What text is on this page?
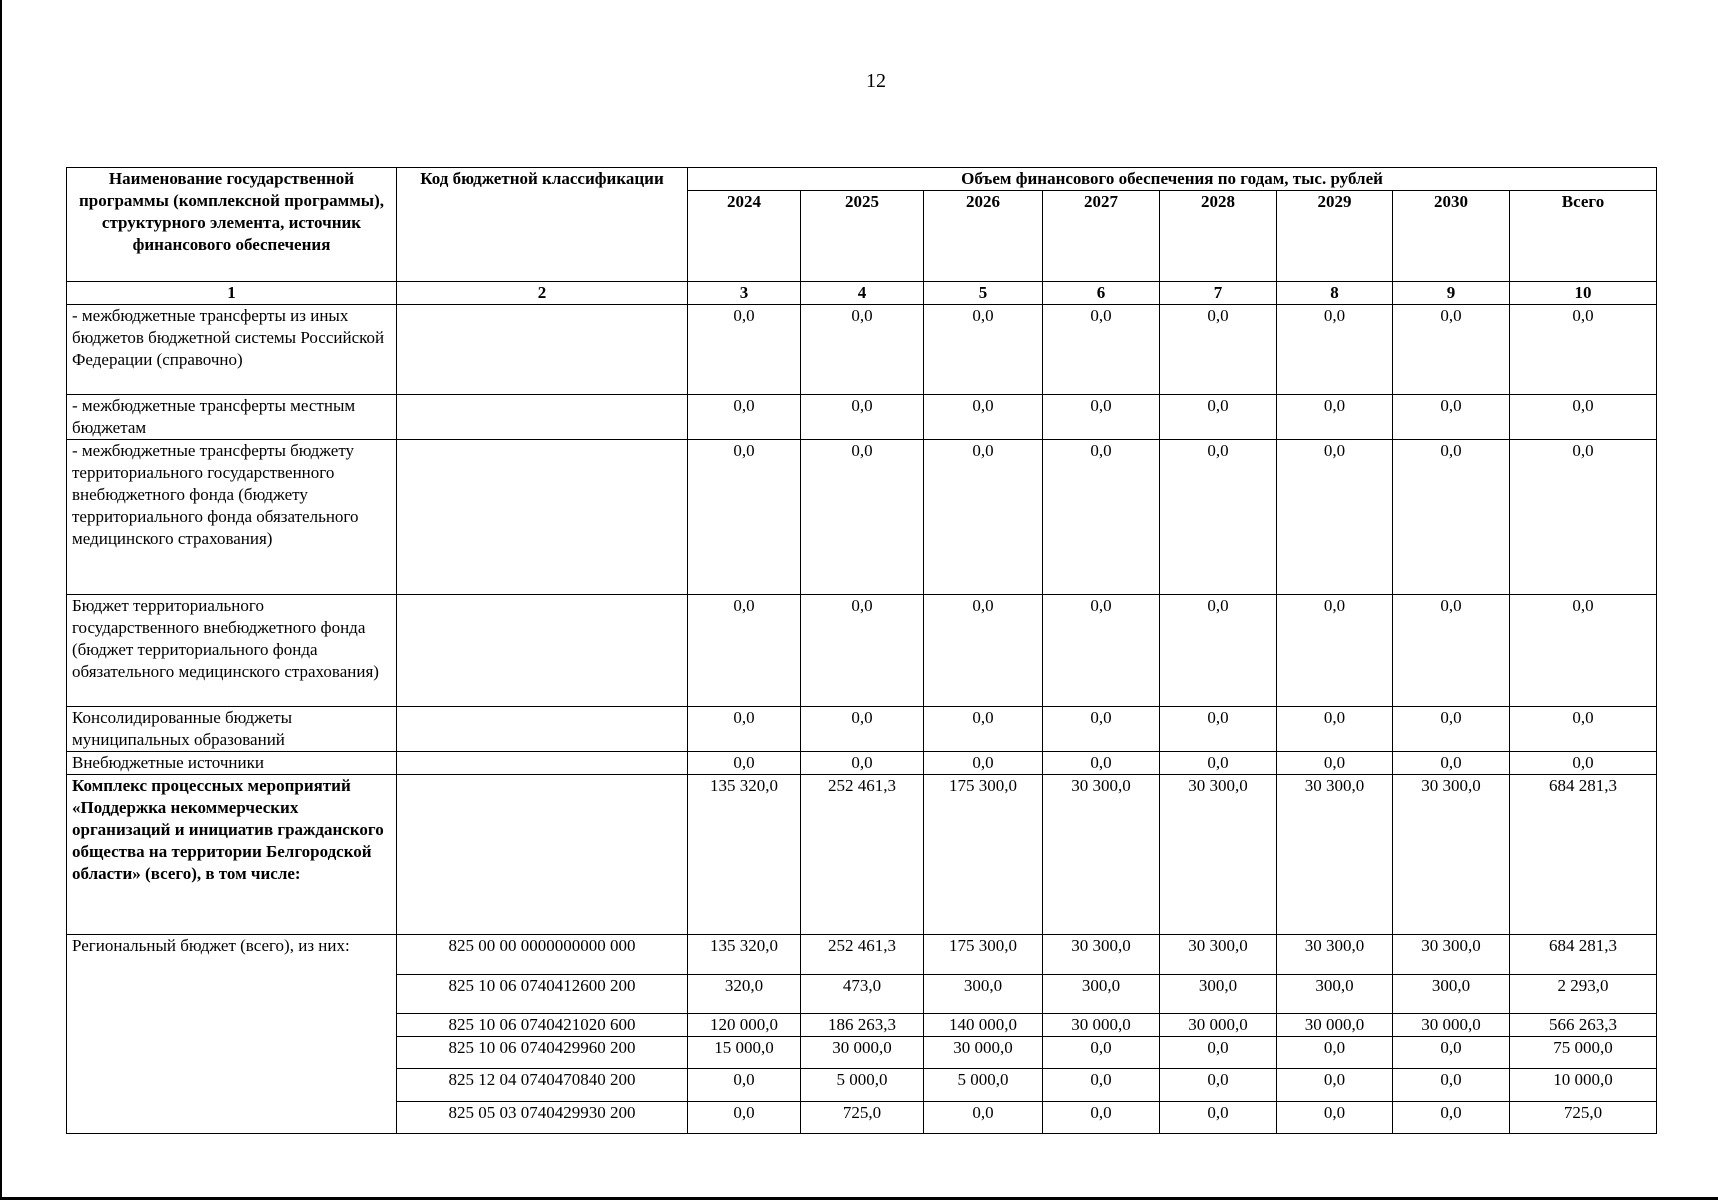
12
Наименование государственной программы (комплексной программы), структурного элемента, источник финансового обеспечения	Код бюджетной классификации	Объем финансового обеспечения по годам, тыс. рублей							
		2024	2025	2026	2027	2028	2029	2030	Всего
1	2	3	4	5	6	7	8	9	10
- межбюджетные трансферты из иных бюджетов бюджетной системы Российской Федерации (справочно)		0,0	0,0	0,0	0,0	0,0	0,0	0,0	0,0
- межбюджетные трансферты местным бюджетам		0,0	0,0	0,0	0,0	0,0	0,0	0,0	0,0
- межбюджетные трансферты бюджету территориального государственного внебюджетного фонда (бюджету территориального фонда обязательного медицинского страхования)		0,0	0,0	0,0	0,0	0,0	0,0	0,0	0,0
Бюджет территориального государственного внебюджетного фонда (бюджет территориального фонда обязательного медицинского страхования)		0,0	0,0	0,0	0,0	0,0	0,0	0,0	0,0
Консолидированные бюджеты муниципальных образований		0,0	0,0	0,0	0,0	0,0	0,0	0,0	0,0
Внебюджетные источники		0,0	0,0	0,0	0,0	0,0	0,0	0,0	0,0
Комплекс процессных мероприятий «Поддержка некоммерческих организаций и инициатив гражданского общества на территории Белгородской области» (всего), в том числе:		135 320,0	252 461,3	175 300,0	30 300,0	30 300,0	30 300,0	30 300,0	684 281,3
Региональный бюджет (всего), из них:	825 00 00 0000000000 000	135 320,0	252 461,3	175 300,0	30 300,0	30 300,0	30 300,0	30 300,0	684 281,3
	825 10 06 0740412600 200	320,0	473,0	300,0	300,0	300,0	300,0	300,0	2 293,0
	825 10 06 0740421020 600	120 000,0	186 263,3	140 000,0	30 000,0	30 000,0	30 000,0	30 000,0	566 263,3
	825 10 06 0740429960 200	15 000,0	30 000,0	30 000,0	0,0	0,0	0,0	0,0	75 000,0
	825 12 04 0740470840 200	0,0	5 000,0	5 000,0	0,0	0,0	0,0	0,0	10 000,0
	825 05 03 0740429930 200	0,0	725,0	0,0	0,0	0,0	0,0	0,0	725,0
